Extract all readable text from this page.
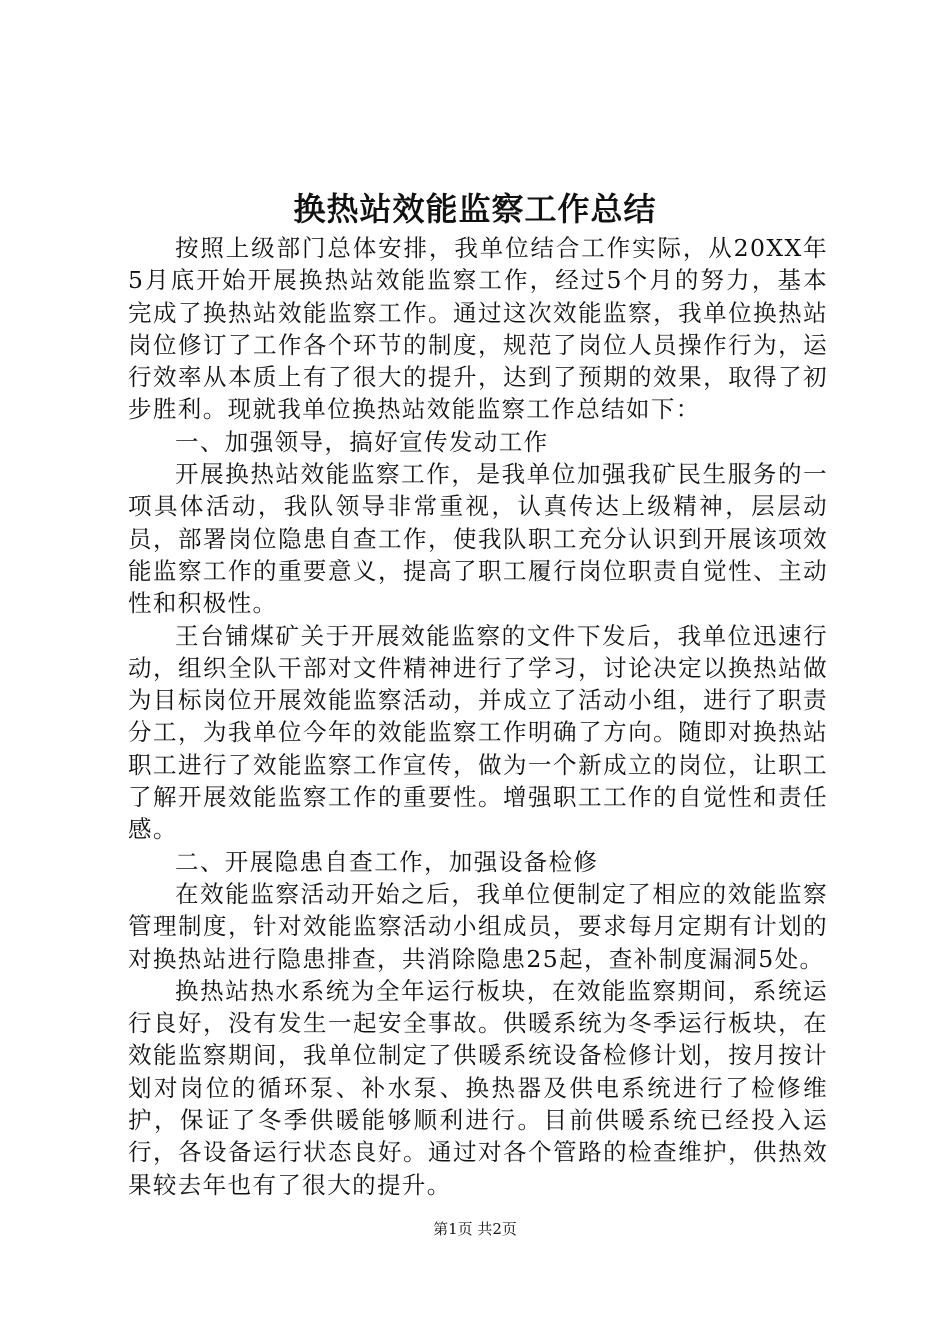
换热站效能监察工作总结

按照上级部门总体安排，我单位结合工作实际，从20XX年5月底开始开展换热站效能监察工作，经过5个月的努力，基本完成了换热站效能监察工作。通过这次效能监察，我单位换热站岗位修订了工作各个环节的制度，规范了岗位人员操作行为，运行效率从本质上有了很大的提升，达到了预期的效果，取得了初步胜利。现就我单位换热站效能监察工作总结如下：

一、加强领导，搞好宣传发动工作

开展换热站效能监察工作，是我单位加强我矿民生服务的一项具体活动，我队领导非常重视，认真传达上级精神，层层动员，部署岗位隐患自查工作，使我队职工充分认识到开展该项效能监察工作的重要意义，提高了职工履行岗位职责自觉性、主动性和积极性。

王台铺煤矿关于开展效能监察的文件下发后，我单位迅速行动，组织全队干部对文件精神进行了学习，讨论决定以换热站做为目标岗位开展效能监察活动，并成立了活动小组，进行了职责分工，为我单位今年的效能监察工作明确了方向。随即对换热站职工进行了效能监察工作宣传，做为一个新成立的岗位，让职工了解开展效能监察工作的重要性。增强职工工作的自觉性和责任感。

二、开展隐患自查工作，加强设备检修

在效能监察活动开始之后，我单位便制定了相应的效能监察管理制度，针对效能监察活动小组成员，要求每月定期有计划的对换热站进行隐患排查，共消除隐患25起，查补制度漏洞5处。

换热站热水系统为全年运行板块，在效能监察期间，系统运行良好，没有发生一起安全事故。供暖系统为冬季运行板块，在效能监察期间，我单位制定了供暖系统设备检修计划，按月按计划对岗位的循环泵、补水泵、换热器及供电系统进行了检修维护，保证了冬季供暖能够顺利进行。目前供暖系统已经投入运行，各设备运行状态良好。通过对各个管路的检查维护，供热效果较去年也有了很大的提升。

第1页 共2页
